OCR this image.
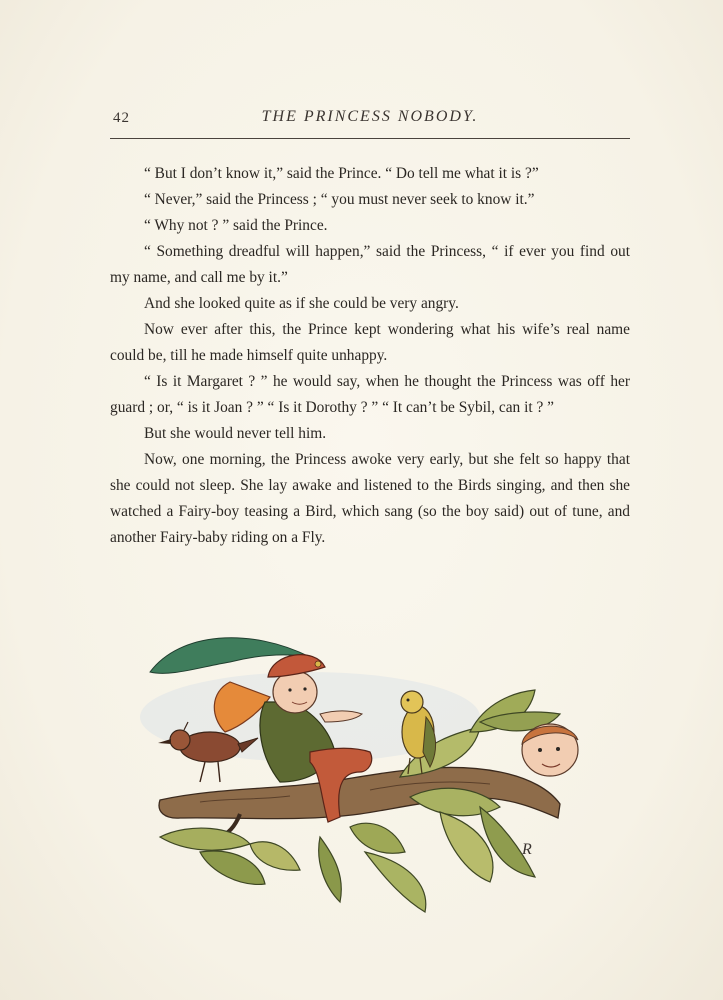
42	THE PRINCESS NOBODY.

“ But I don’t know it,” said the Prince. “ Do tell me what it is ?”

“ Never,” said the Princess ; “ you must never seek to know it.”

“ Why not ? ” said the Prince.

“ Something dreadful will happen,” said the Princess, “ if ever you find out my name, and call me by it.”

And she looked quite as if she could be very angry.

Now ever after this, the Prince kept wondering what his wife’s real name could be, till he made himself quite unhappy.

“ Is it Margaret ? ” he would say, when he thought the Princess was off her guard ; or, “ is it Joan ? ” “ Is it Dorothy ? ” “ It can’t be Sybil, can it ? ”

But she would never tell him.

Now, one morning, the Princess awoke very early, but she felt so happy that she could not sleep. She lay awake and listened to the Birds singing, and then she watched a Fairy-boy teasing a Bird, which sang (so the boy said) out of tune, and another Fairy-baby riding on a Fly.

R
